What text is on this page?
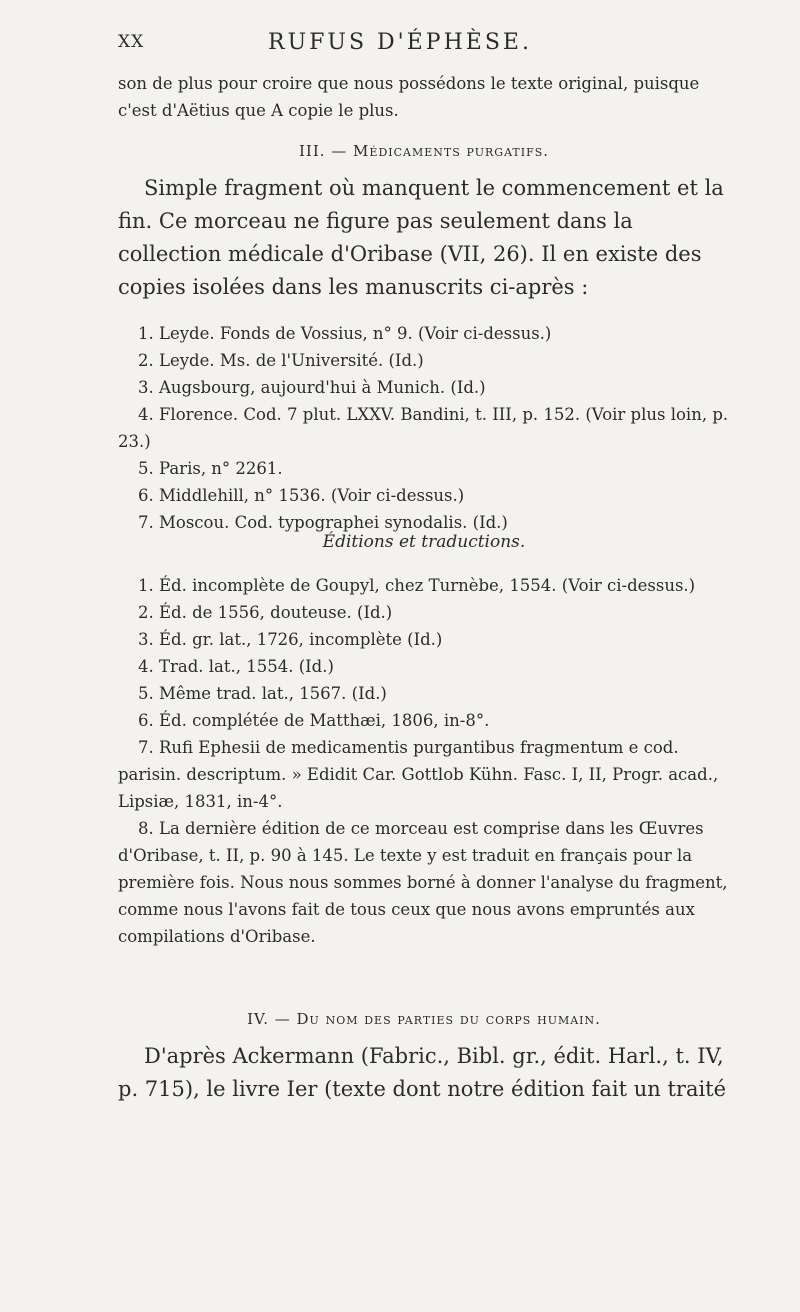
XX	RUFUS D'ÉPHÈSE.

son de plus pour croire que nous possédons le texte original, puisque c'est d'Aëtius que A copie le plus.

III. — Médicaments purgatifs.

Simple fragment où manquent le commencement et la fin. Ce morceau ne figure pas seulement dans la collection médicale d'Oribase (VII, 26). Il en existe des copies isolées dans les manuscrits ci-après :

1. Leyde. Fonds de Vossius, n° 9. (Voir ci-dessus.)

2. Leyde. Ms. de l'Université. (Id.)

3. Augsbourg, aujourd'hui à Munich. (Id.)

4. Florence. Cod. 7 plut. LXXV. Bandini, t. III, p. 152. (Voir plus loin, p. 23.)

5. Paris, n° 2261.

6. Middlehill, n° 1536. (Voir ci-dessus.)

7. Moscou. Cod. typographei synodalis. (Id.)

Éditions et traductions.

1. Éd. incomplète de Goupyl, chez Turnèbe, 1554. (Voir ci-dessus.)

2. Éd. de 1556, douteuse. (Id.)

3. Éd. gr. lat., 1726, incomplète (Id.)

4. Trad. lat., 1554. (Id.)

5. Même trad. lat., 1567. (Id.)

6. Éd. complétée de Matthæi, 1806, in-8°.

7. Rufi Ephesii de medicamentis purgantibus fragmentum e cod. parisin. descriptum. » Edidit Car. Gottlob Kühn. Fasc. I, II, Progr. acad., Lipsiæ, 1831, in-4°.

8. La dernière édition de ce morceau est comprise dans les Œuvres d'Oribase, t. II, p. 90 à 145. Le texte y est traduit en français pour la première fois. Nous nous sommes borné à donner l'analyse du fragment, comme nous l'avons fait de tous ceux que nous avons empruntés aux compilations d'Oribase.

IV. — Du nom des parties du corps humain.

D'après Ackermann (Fabric., Bibl. gr., édit. Harl., t. IV, p. 715), le livre Ier (texte dont notre édition fait un traité
